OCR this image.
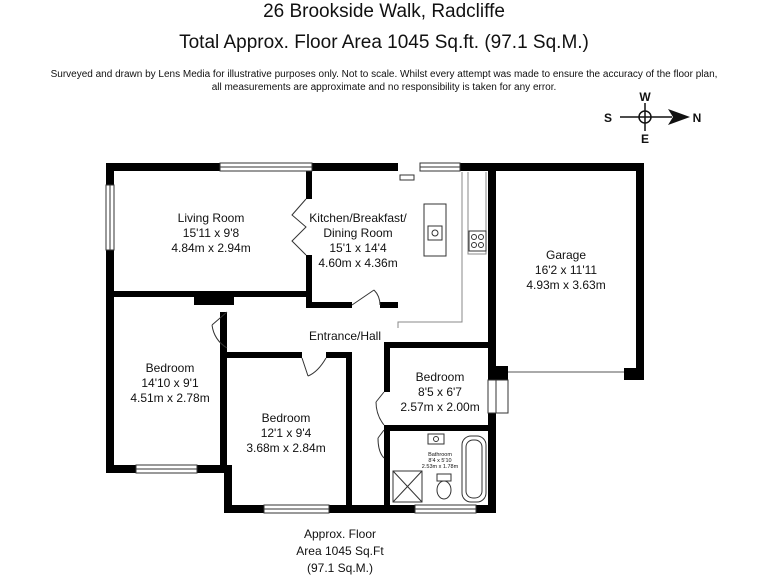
26 Brookside Walk, Radcliffe
Total Approx. Floor Area 1045 Sq.ft. (97.1 Sq.M.)
Surveyed and drawn by Lens Media for illustrative purposes only. Not to scale. Whilst every attempt was made to ensure the accuracy of the floor plan,
all measurements are approximate and no responsibility is taken for any error.
W
S
E
N
Living Room
15'11 x 9'8
4.84m x 2.94m
Kitchen/Breakfast/
Dining Room
15'1 x 14'4
4.60m x 4.36m
Garage
16'2 x 11'11
4.93m x 3.63m
Entrance/Hall
Bedroom
14'10 x 9'1
4.51m x 2.78m
Bedroom
12'1 x 9'4
3.68m x 2.84m
Bedroom
8'5 x 6'7
2.57m x 2.00m
Bathroom
8'4 x 5'10
2.53m x 1.78m
Approx. Floor
Area 1045 Sq.Ft
(97.1 Sq.M.)
